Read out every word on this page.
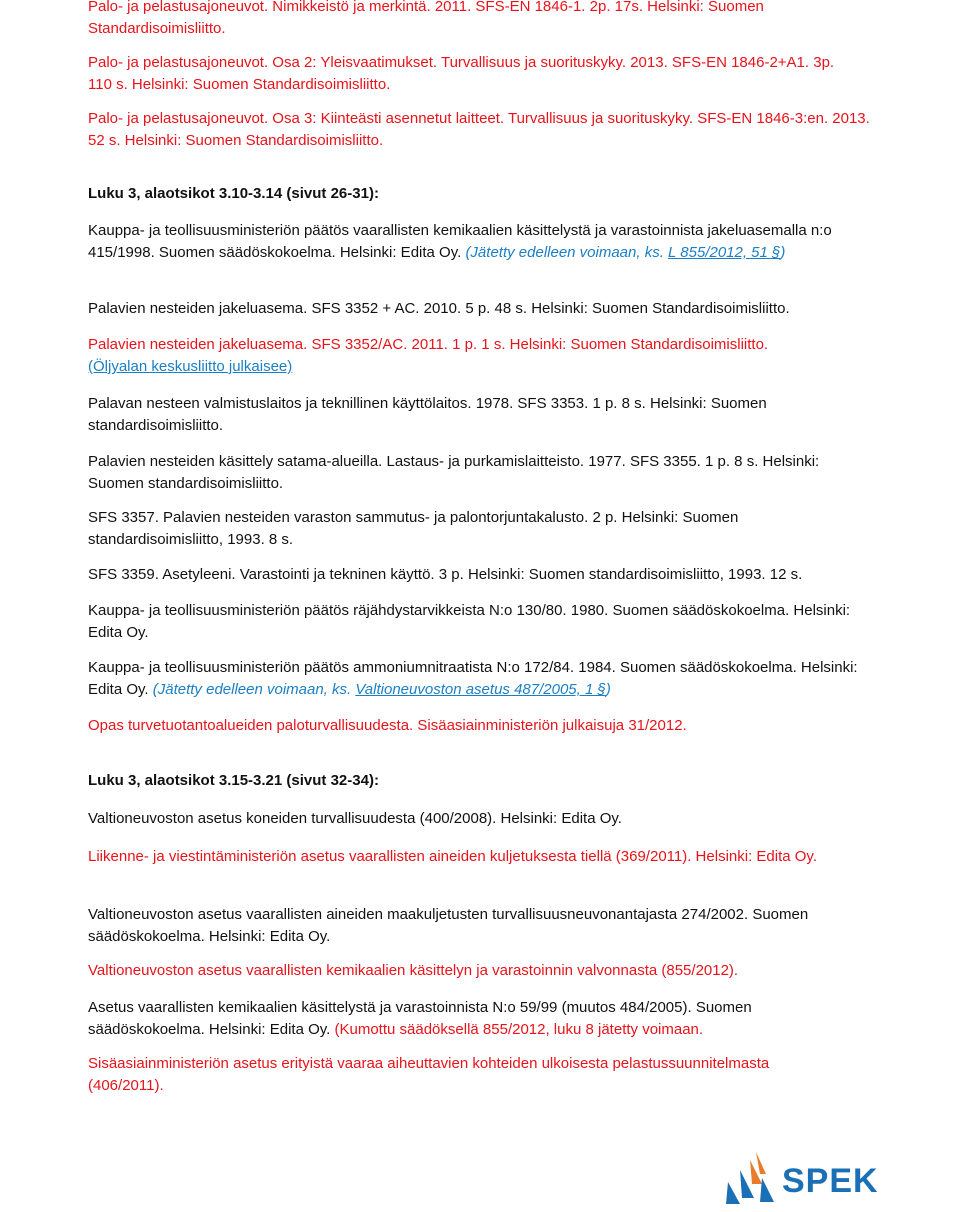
Palo- ja pelastusajoneuvot. Nimikkeistö ja merkintä. 2011. SFS-EN 1846-1. 2p. 17s. Helsinki: Suomen Standardisoimisliitto.

Palo- ja pelastusajoneuvot. Osa 2: Yleisvaatimukset. Turvallisuus ja suorituskyky. 2013. SFS-EN 1846-2+A1. 3p. 110 s. Helsinki: Suomen Standardisoimisliitto.

Palo- ja pelastusajoneuvot. Osa 3: Kiinteästi asennetut laitteet. Turvallisuus ja suorituskyky. SFS-EN 1846-3:en. 2013. 52 s. Helsinki: Suomen Standardisoimisliitto.

Luku 3, alaotsikot 3.10-3.14 (sivut 26-31):

Kauppa- ja teollisuusministeriön päätös vaarallisten kemikaalien käsittelystä ja varastoinnista jakeluasemalla n:o 415/1998. Suomen säädöskokoelma. Helsinki: Edita Oy. (Jätetty edelleen voimaan, ks. L 855/2012, 51 §)

Palavien nesteiden jakeluasema. SFS 3352 + AC. 2010. 5 p. 48 s. Helsinki: Suomen Standardisoimisliitto.

Palavien nesteiden jakeluasema. SFS 3352/AC. 2011. 1 p. 1 s. Helsinki: Suomen Standardisoimisliitto.
(Öljyalan keskusliitto julkaisee)

Palavan nesteen valmistuslaitos ja teknillinen käyttölaitos. 1978. SFS 3353. 1 p. 8 s. Helsinki: Suomen standardisoimisliitto.

Palavien nesteiden käsittely satama-alueilla. Lastaus- ja purkamislaitteisto. 1977. SFS 3355. 1 p. 8 s. Helsinki: Suomen standardisoimisliitto.

SFS 3357. Palavien nesteiden varaston sammutus- ja palontorjuntakalusto. 2 p. Helsinki: Suomen standardisoimisliitto, 1993. 8 s.

SFS 3359. Asetyleeni. Varastointi ja tekninen käyttö. 3 p. Helsinki: Suomen standardisoimisliitto, 1993. 12 s.

Kauppa- ja teollisuusministeriön päätös räjähdystarvikkeista N:o 130/80. 1980. Suomen säädöskokoelma. Helsinki: Edita Oy.

Kauppa- ja teollisuusministeriön päätös ammoniumnitraatista N:o 172/84. 1984. Suomen säädöskokoelma. Helsinki: Edita Oy. (Jätetty edelleen voimaan, ks. Valtioneuvoston asetus 487/2005, 1 §)

Opas turvetuotantoalueiden paloturvallisuudesta. Sisäasiainministeriön julkaisuja 31/2012.

Luku 3, alaotsikot 3.15-3.21 (sivut 32-34):

Valtioneuvoston asetus koneiden turvallisuudesta (400/2008). Helsinki: Edita Oy.

Liikenne- ja viestintäministeriön asetus vaarallisten aineiden kuljetuksesta tiellä (369/2011). Helsinki: Edita Oy.

Valtioneuvoston asetus vaarallisten aineiden maakuljetusten turvallisuusneuvonantajasta 274/2002. Suomen säädöskokoelma. Helsinki: Edita Oy.

Valtioneuvoston asetus vaarallisten kemikaalien käsittelyn ja varastoinnin valvonnasta (855/2012).

Asetus vaarallisten kemikaalien käsittelystä ja varastoinnista N:o 59/99 (muutos 484/2005). Suomen säädöskokoelma. Helsinki: Edita Oy. (Kumottu säädöksellä 855/2012, luku 8 jätetty voimaan.

Sisäasiainministeriön asetus erityistä vaaraa aiheuttavien kohteiden ulkoisesta pelastussuunnitelmasta (406/2011).

SPEK
